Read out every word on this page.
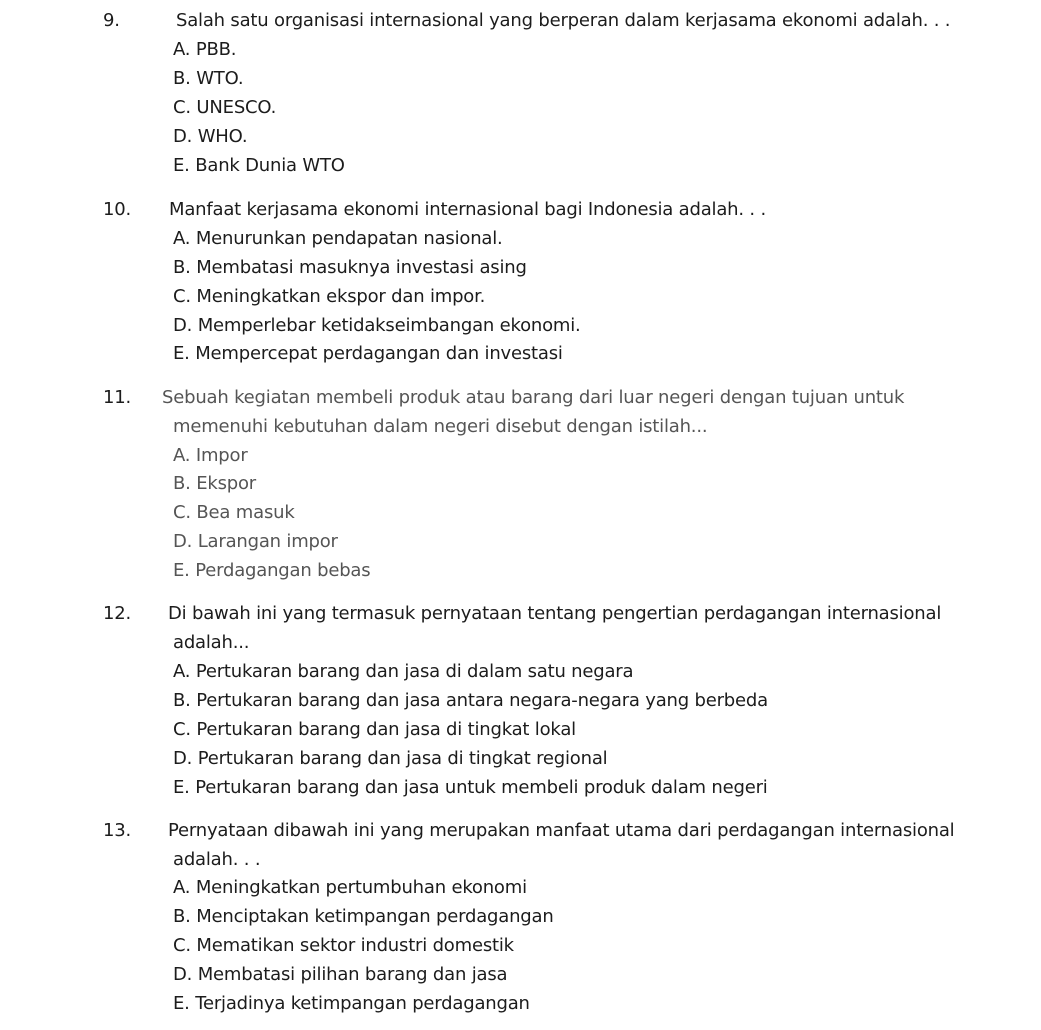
9.	Salah satu organisasi internasional yang berperan dalam kerjasama ekonomi adalah. . .
A. PBB.
B. WTO.
C. UNESCO.
D. WHO.
E. Bank Dunia WTO
10. Manfaat kerjasama ekonomi internasional bagi Indonesia adalah. . .
A. Menurunkan pendapatan nasional.
B. Membatasi masuknya investasi asing
C. Meningkatkan ekspor dan impor.
D. Memperlebar ketidakseimbangan ekonomi.
E. Mempercepat perdagangan dan investasi
11. Sebuah kegiatan membeli produk atau barang dari luar negeri dengan tujuan untuk
memenuhi kebutuhan dalam negeri disebut dengan istilah...
A. Impor
B. Ekspor
C. Bea masuk
D. Larangan impor
E. Perdagangan bebas
12. Di bawah ini yang termasuk pernyataan tentang pengertian perdagangan internasional
adalah...
A. Pertukaran barang dan jasa di dalam satu negara
B. Pertukaran barang dan jasa antara negara-negara yang berbeda
C. Pertukaran barang dan jasa di tingkat lokal
D. Pertukaran barang dan jasa di tingkat regional
E. Pertukaran barang dan jasa untuk membeli produk dalam negeri
13. Pernyataan dibawah ini yang merupakan manfaat utama dari perdagangan internasional
adalah. . .
A. Meningkatkan pertumbuhan ekonomi
B. Menciptakan ketimpangan perdagangan
C. Mematikan sektor industri domestik
D. Membatasi pilihan barang dan jasa
E. Terjadinya ketimpangan perdagangan
